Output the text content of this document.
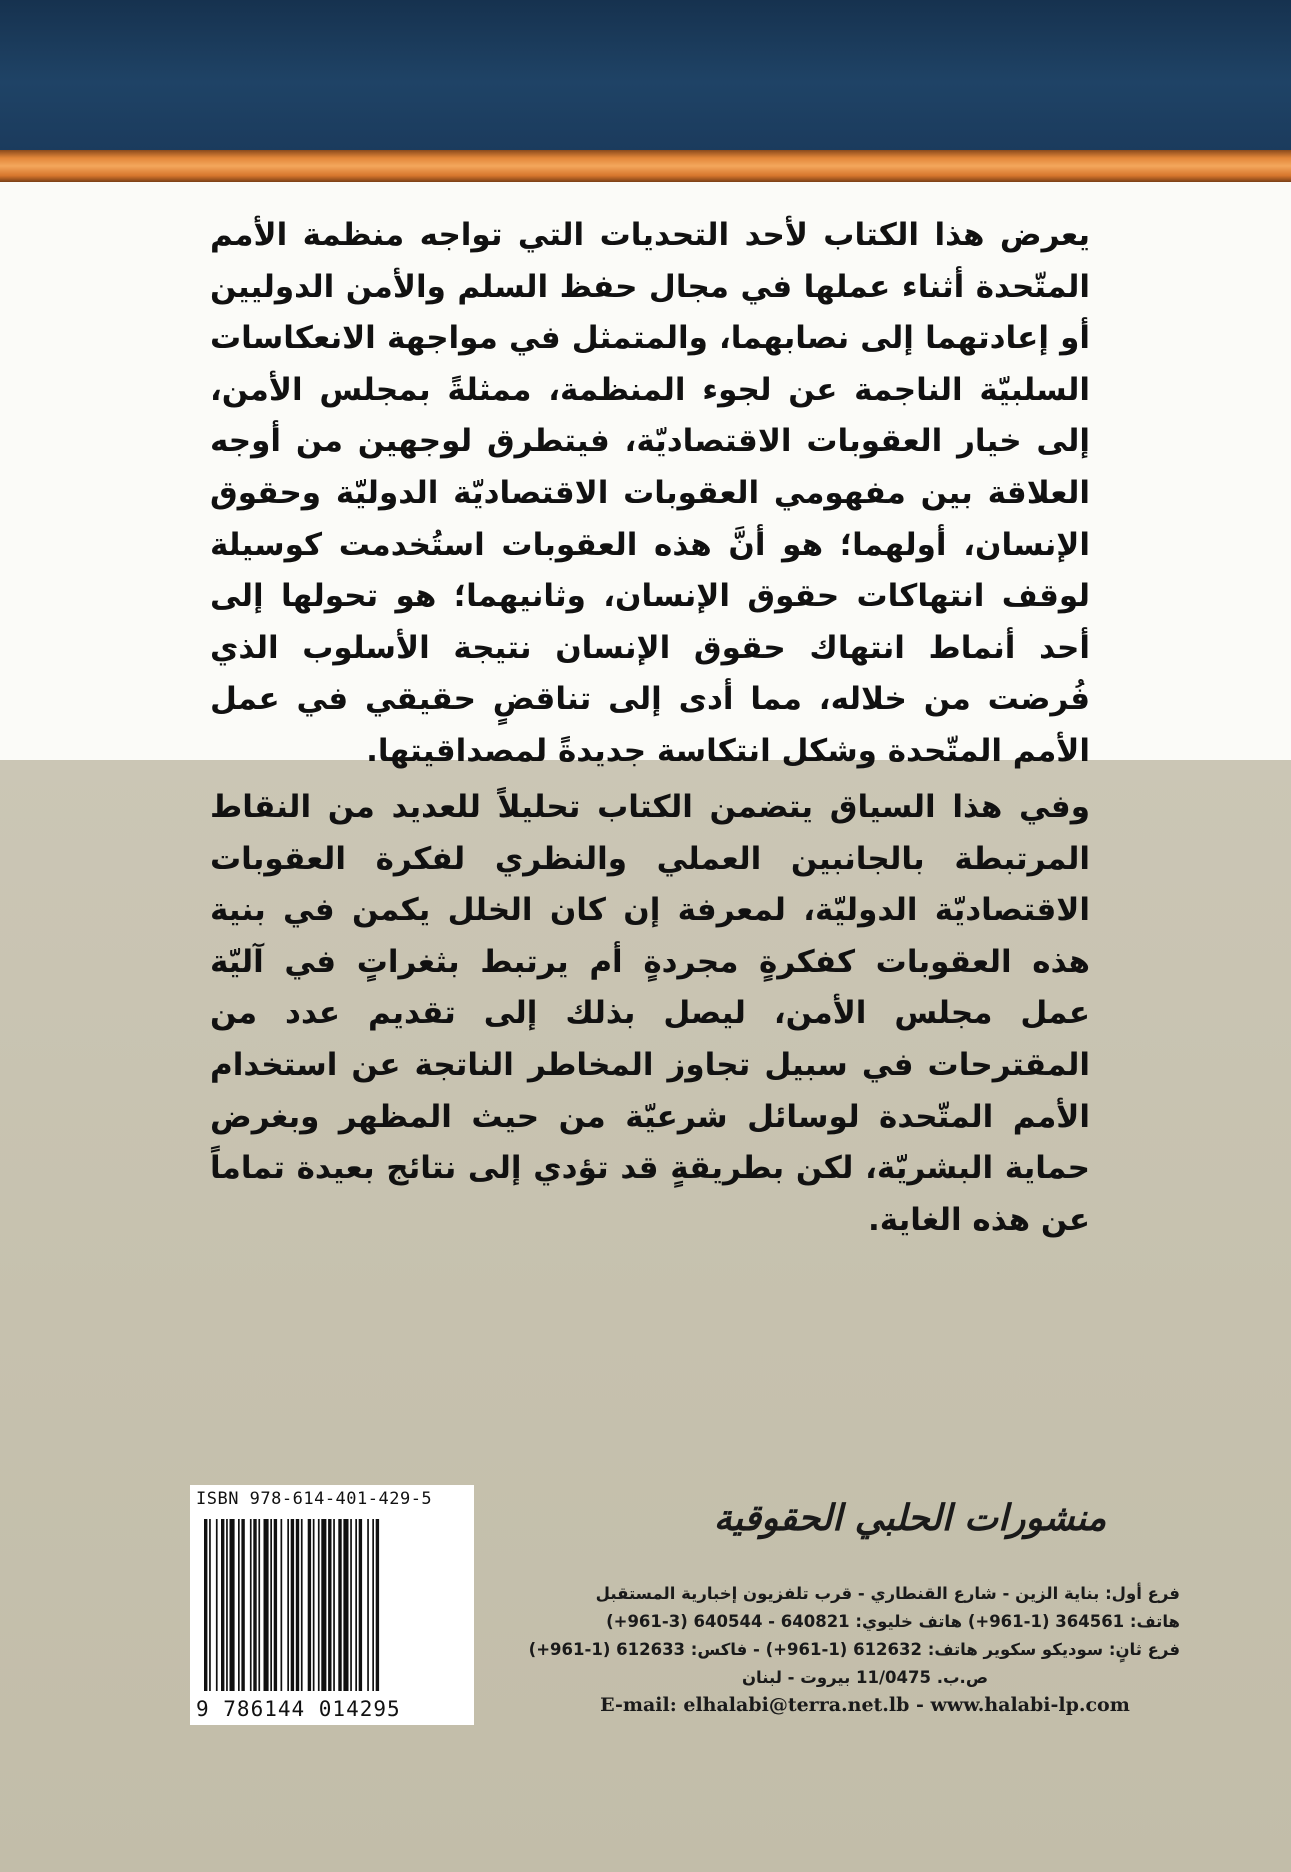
يعرض هذا الكتاب لأحد التحديات التي تواجه منظمة الأمم المتّحدة أثناء عملها في مجال حفظ السلم والأمن الدوليين أو إعادتهما إلى نصابهما، والمتمثل في مواجهة الانعكاسات السلبيّة الناجمة عن لجوء المنظمة، ممثلةً بمجلس الأمن، إلى خيار العقوبات الاقتصاديّة، فيتطرق لوجهين من أوجه العلاقة بين مفهومي العقوبات الاقتصاديّة الدوليّة وحقوق الإنسان، أولهما؛ هو أنَّ هذه العقوبات استُخدمت كوسيلة لوقف انتهاكات حقوق الإنسان، وثانيهما؛ هو تحولها إلى أحد أنماط انتهاك حقوق الإنسان نتيجة الأسلوب الذي فُرضت من خلاله، مما أدى إلى تناقضٍ حقيقي في عمل الأمم المتّحدة وشكل انتكاسة جديدةً لمصداقيتها.

وفي هذا السياق يتضمن الكتاب تحليلاً للعديد من النقاط المرتبطة بالجانبين العملي والنظري لفكرة العقوبات الاقتصاديّة الدوليّة، لمعرفة إن كان الخلل يكمن في بنية هذه العقوبات كفكرةٍ مجردةٍ أم يرتبط بثغراتٍ في آليّة عمل مجلس الأمن، ليصل بذلك إلى تقديم عدد من المقترحات في سبيل تجاوز المخاطر الناتجة عن استخدام الأمم المتّحدة لوسائل شرعيّة من حيث المظهر وبغرض حماية البشريّة، لكن بطريقةٍ قد تؤدي إلى نتائج بعيدة تماماً عن هذه الغاية.

ISBN 978-614-401-429-5
9 786144 014295
منشورات الحلبي الحقوقية
فرع أول: بناية الزين - شارع القنطاري - قرب تلفزيون إخبارية المستقبل
هاتف: 364561 (1-961+) هاتف خليوي: 640821 - 640544 (3-961+)
فرع ثانٍ: سوديكو سكوير هاتف: 612632 (1-961+) - فاكس: 612633 (1-961+)
ص.ب. 11/0475 بيروت - لبنان
E-mail: elhalabi@terra.net.lb - www.halabi-lp.com
